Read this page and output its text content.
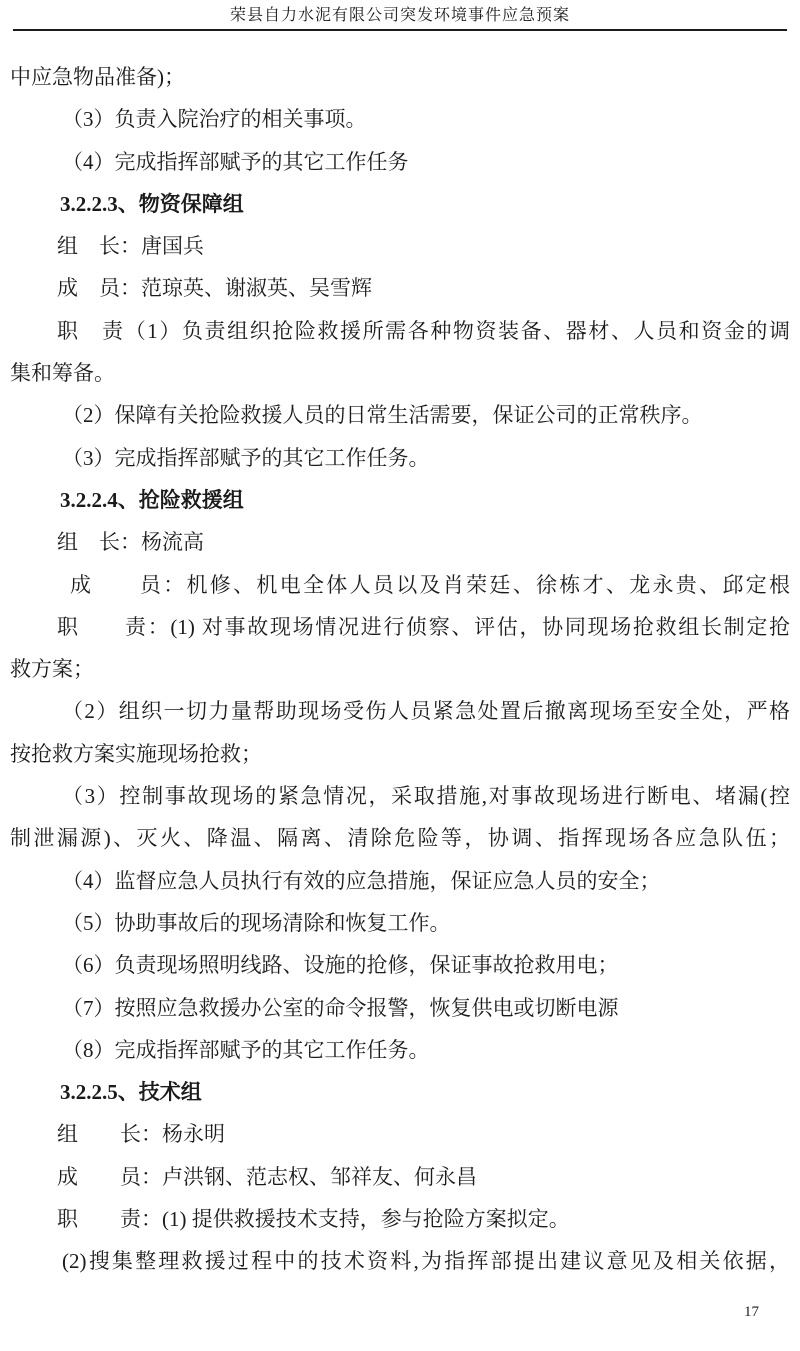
荣县自力水泥有限公司突发环境事件应急预案
中应急物品准备)；
（3）负责入院治疗的相关事项。
（4）完成指挥部赋予的其它工作任务
3.2.2.3、物资保障组
组　长：唐国兵
成　员：范琼英、谢淑英、吴雪辉
职　责（1）负责组织抢险救援所需各种物资装备、器材、人员和资金的调
集和筹备。
（2）保障有关抢险救援人员的日常生活需要，保证公司的正常秩序。
（3）完成指挥部赋予的其它工作任务。
3.2.2.4、抢险救援组
组　长：杨流高
成　　员：机修、机电全体人员以及肖荣廷、徐栋才、龙永贵、邱定根
职　　责：(1) 对事故现场情况进行侦察、评估，协同现场抢救组长制定抢
救方案；
（2）组织一切力量帮助现场受伤人员紧急处置后撤离现场至安全处，严格
按抢救方案实施现场抢救；
（3）控制事故现场的紧急情况，采取措施,对事故现场进行断电、堵漏(控
制泄漏源)、灭火、降温、隔离、清除危险等，协调、指挥现场各应急队伍；
（4）监督应急人员执行有效的应急措施，保证应急人员的安全；
（5）协助事故后的现场清除和恢复工作。
（6）负责现场照明线路、设施的抢修，保证事故抢救用电；
（7）按照应急救援办公室的命令报警，恢复供电或切断电源
（8）完成指挥部赋予的其它工作任务。
3.2.2.5、技术组
组　　长：杨永明
成　　员：卢洪钢、范志权、邹祥友、何永昌
职　　责：(1) 提供救援技术支持，参与抢险方案拟定。
(2)搜集整理救援过程中的技术资料,为指挥部提出建议意见及相关依据，
17
